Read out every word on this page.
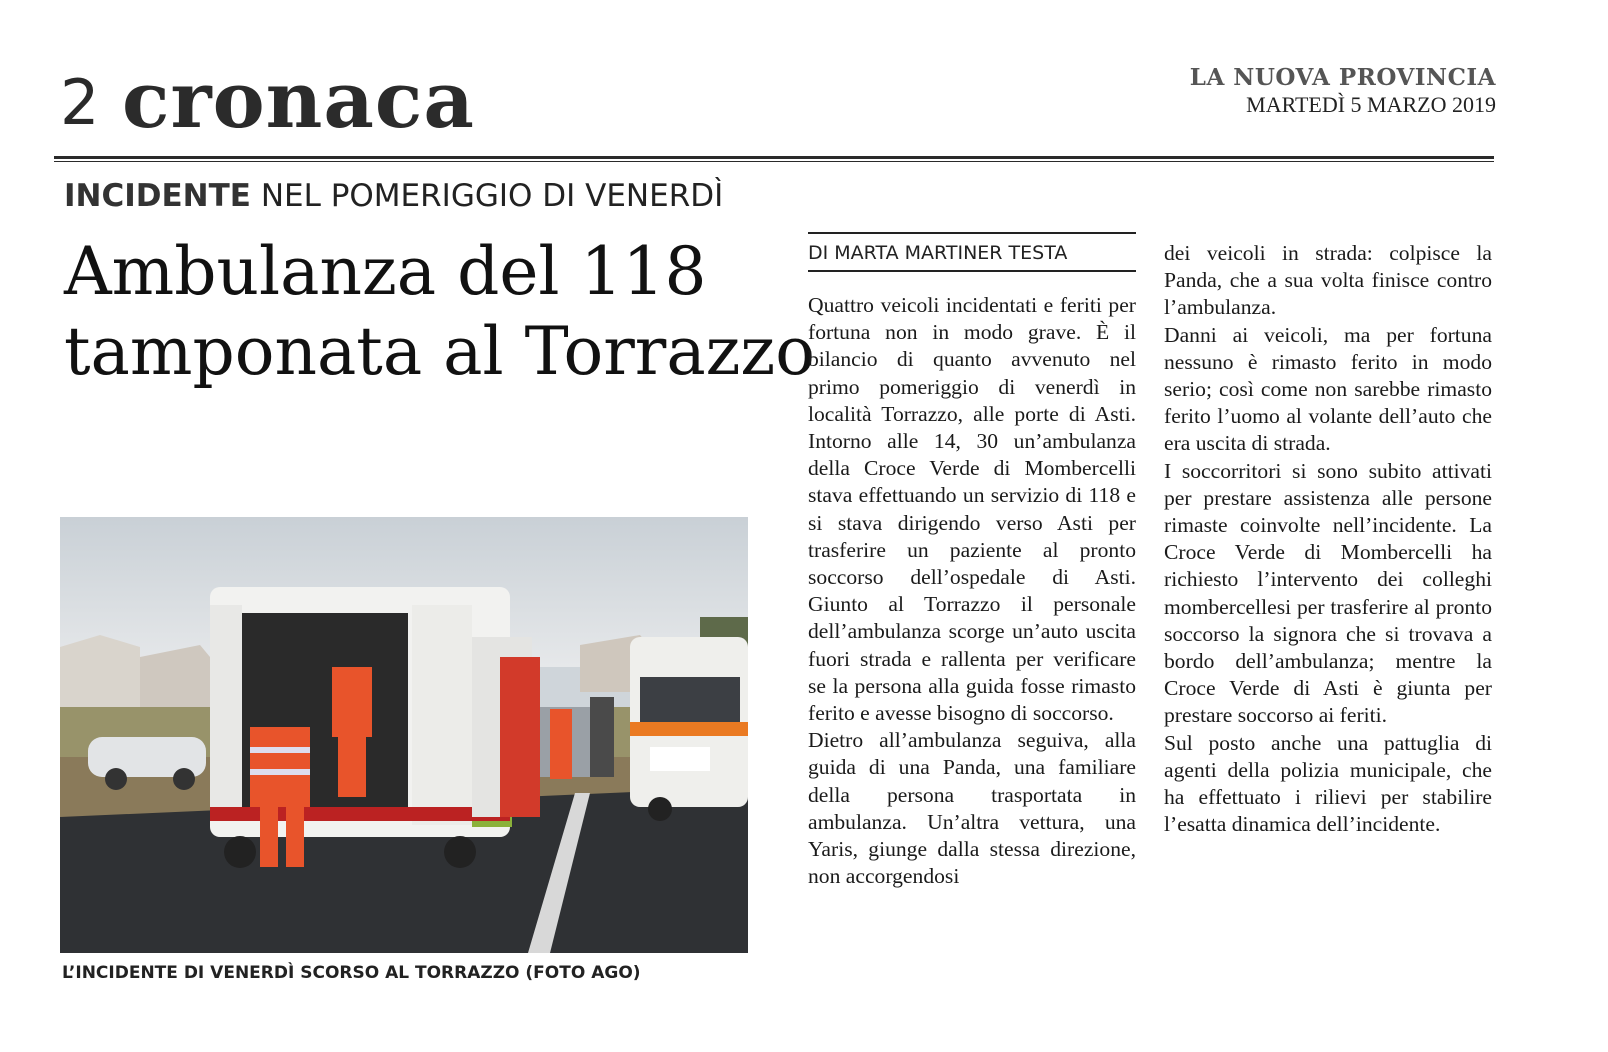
2 cronaca	LA NUOVA PROVINCIA
MARTEDÌ 5 MARZO 2019
INCIDENTE NEL POMERIGGIO DI VENERDÌ
Ambulanza del 118
tamponata al Torrazzo
L’INCIDENTE DI VENERDÌ SCORSO AL TORRAZZO (FOTO AGO)
DI MARTA MARTINER TESTA

Quattro veicoli incidentati e feriti per fortuna non in modo grave. È il bilancio di quanto avvenuto nel primo pomeriggio di venerdì in località Torrazzo, alle porte di Asti. Intorno alle 14, 30 un’ambulanza della Croce Verde di Mombercelli stava effettuando un servizio di 118 e si stava dirigendo verso Asti per trasferire un paziente al pronto soccorso dell’ospedale di Asti. Giunto al Torrazzo il personale dell’ambulanza scorge un’auto uscita fuori strada e rallenta per verificare se la persona alla guida fosse rimasto ferito e avesse bisogno di soccorso.

Dietro all’ambulanza seguiva, alla guida di una Panda, una familiare della persona trasportata in ambulanza. Un’altra vettura, una Yaris, giunge dalla stessa direzione, non accorgendosi

dei veicoli in strada: colpisce la Panda, che a sua volta finisce contro l’ambulanza.

Danni ai veicoli, ma per fortuna nessuno è rimasto ferito in modo serio; così come non sarebbe rimasto ferito l’uomo al volante dell’auto che era uscita di strada.

I soccorritori si sono subito attivati per prestare assistenza alle persone rimaste coinvolte nell’incidente. La Croce Verde di Mombercelli ha richiesto l’intervento dei colleghi mombercellesi per trasferire al pronto soccorso la signora che si trovava a bordo dell’ambulanza; mentre la Croce Verde di Asti è giunta per prestare soccorso ai feriti.

Sul posto anche una pattuglia di agenti della polizia municipale, che ha effettuato i rilievi per stabilire l’esatta dinamica dell’incidente.
